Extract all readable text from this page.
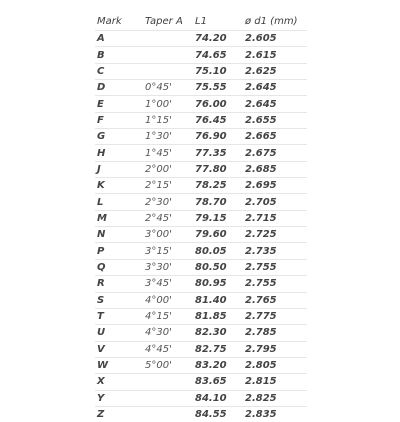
Mark	Taper A	L1	ø d1 (mm)
A		74.20	2.605
B		74.65	2.615
C		75.10	2.625
D	0°45'	75.55	2.645
E	1°00'	76.00	2.645
F	1°15'	76.45	2.655
G	1°30'	76.90	2.665
H	1°45'	77.35	2.675
J	2°00'	77.80	2.685
K	2°15'	78.25	2.695
L	2°30'	78.70	2.705
M	2°45'	79.15	2.715
N	3°00'	79.60	2.725
P	3°15'	80.05	2.735
Q	3°30'	80.50	2.755
R	3°45'	80.95	2.755
S	4°00'	81.40	2.765
T	4°15'	81.85	2.775
U	4°30'	82.30	2.785
V	4°45'	82.75	2.795
W	5°00'	83.20	2.805
X		83.65	2.815
Y		84.10	2.825
Z		84.55	2.835
